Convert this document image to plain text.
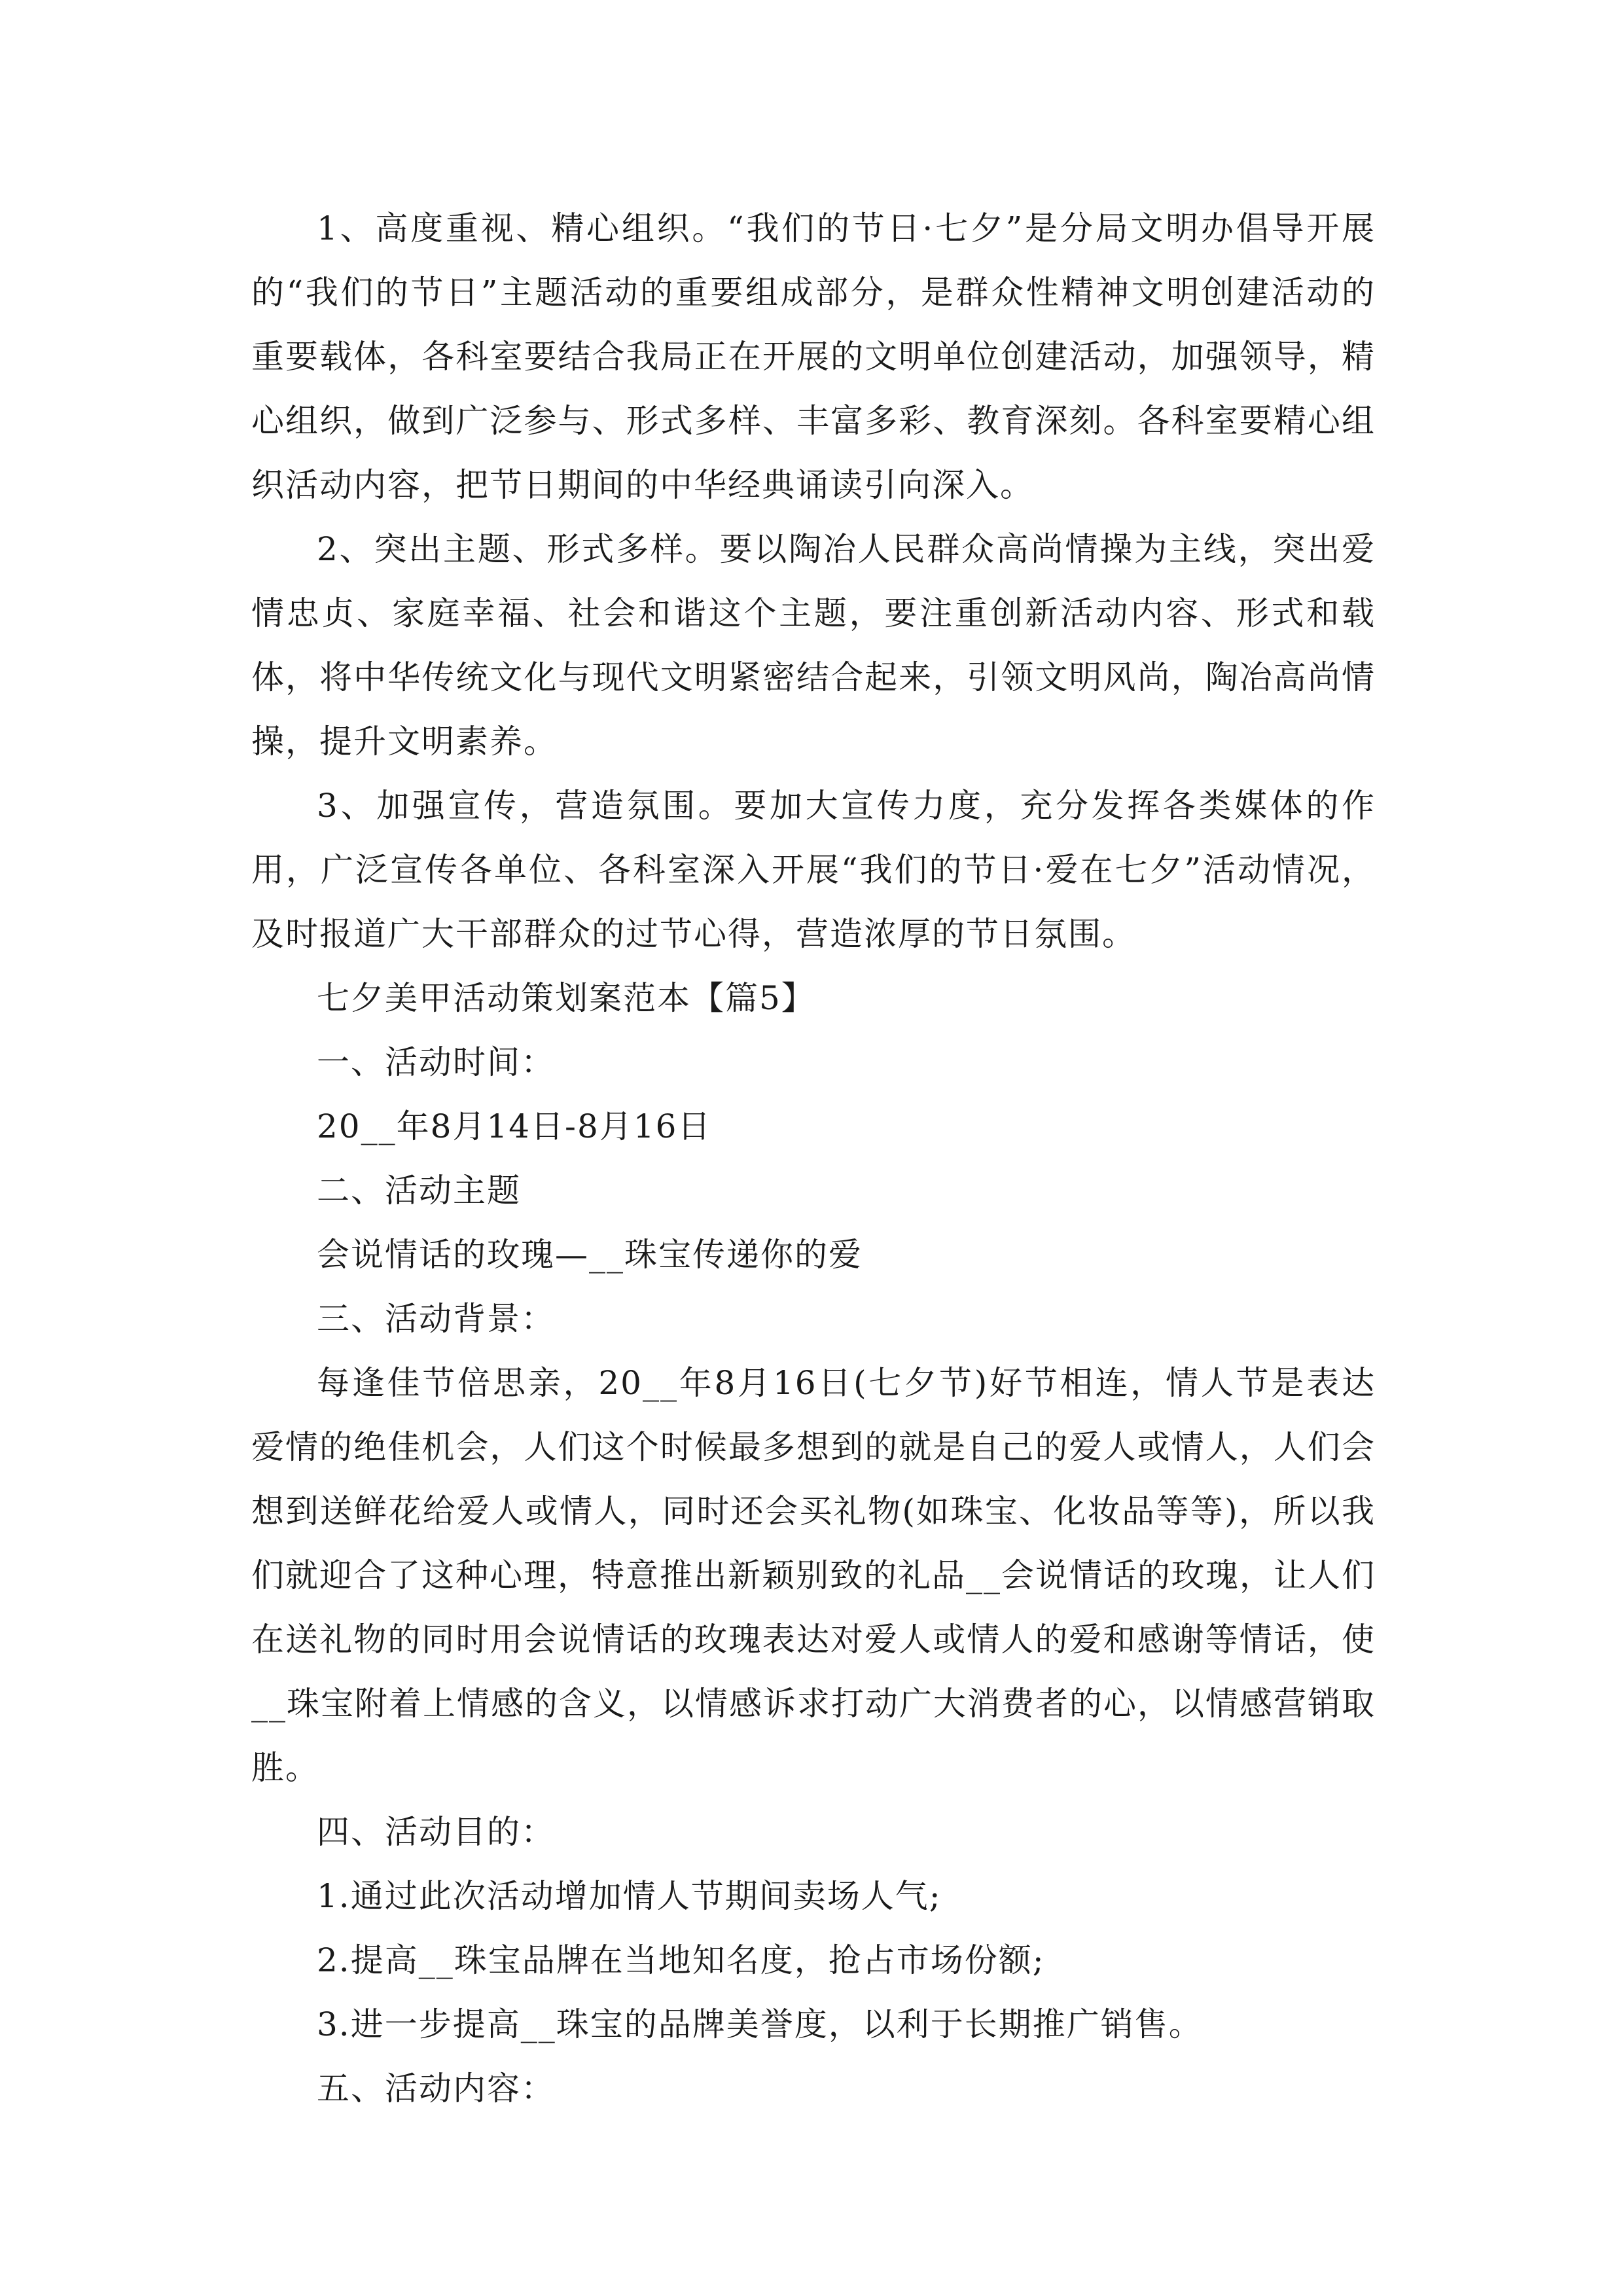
1、高度重视、精心组织。“我们的节日·七夕”是分局文明办倡导开展的“我们的节日”主题活动的重要组成部分，是群众性精神文明创建活动的重要载体，各科室要结合我局正在开展的文明单位创建活动，加强领导，精心组织，做到广泛参与、形式多样、丰富多彩、教育深刻。各科室要精心组织活动内容，把节日期间的中华经典诵读引向深入。

2、突出主题、形式多样。要以陶冶人民群众高尚情操为主线，突出爱情忠贞、家庭幸福、社会和谐这个主题，要注重创新活动内容、形式和载体，将中华传统文化与现代文明紧密结合起来，引领文明风尚，陶冶高尚情操，提升文明素养。

3、加强宣传，营造氛围。要加大宣传力度，充分发挥各类媒体的作用，广泛宣传各单位、各科室深入开展“我们的节日·爱在七夕”活动情况，及时报道广大干部群众的过节心得，营造浓厚的节日氛围。

七夕美甲活动策划案范本【篇5】

一、活动时间：

20__年8月14日-8月16日

二、活动主题

会说情话的玫瑰—__珠宝传递你的爱

三、活动背景：

每逢佳节倍思亲，20__年8月16日(七夕节)好节相连，情人节是表达爱情的绝佳机会，人们这个时候最多想到的就是自己的爱人或情人，人们会想到送鲜花给爱人或情人，同时还会买礼物(如珠宝、化妆品等等)，所以我们就迎合了这种心理，特意推出新颖别致的礼品__会说情话的玫瑰，让人们在送礼物的同时用会说情话的玫瑰表达对爱人或情人的爱和感谢等情话，使__珠宝附着上情感的含义，以情感诉求打动广大消费者的心，以情感营销取胜。

四、活动目的：

1.通过此次活动增加情人节期间卖场人气;

2.提高__珠宝品牌在当地知名度，抢占市场份额;

3.进一步提高__珠宝的品牌美誉度，以利于长期推广销售。

五、活动内容：
